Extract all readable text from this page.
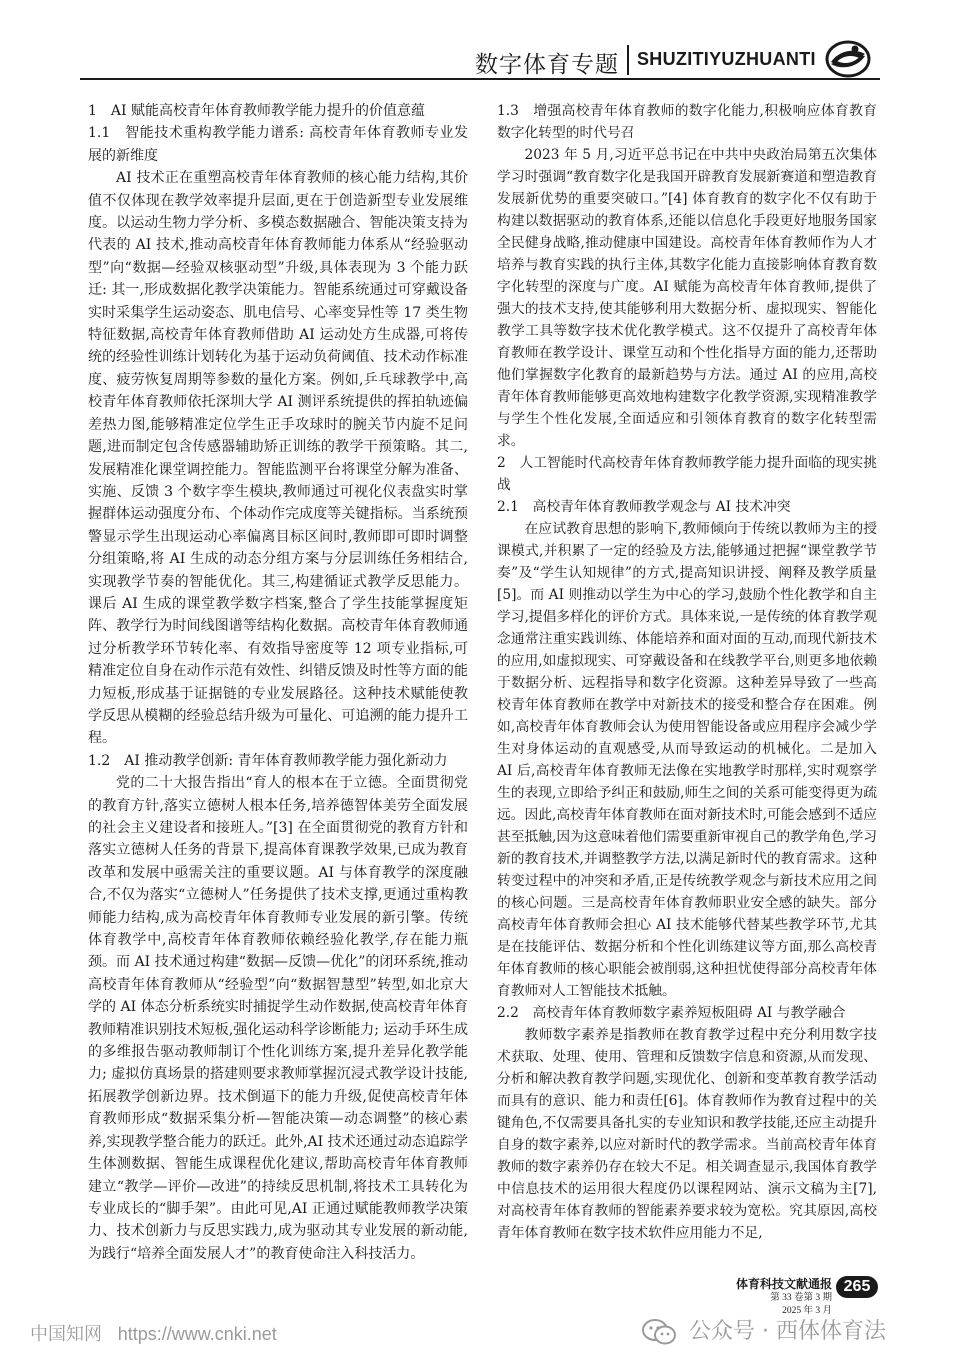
数字体育专题 SHUZITIYUZHUANTI
1　AI 赋能高校青年体育教师教学能力提升的价值意蕴
1.1　智能技术重构教学能力谱系: 高校青年体育教师专业发展的新维度

AI 技术正在重塑高校青年体育教师的核心能力结构,其价值不仅体现在教学效率提升层面,更在于创造新型专业发展维度。以运动生物力学分析、多模态数据融合、智能决策支持为代表的 AI 技术,推动高校青年体育教师能力体系从“经验驱动型”向“数据—经验双核驱动型”升级,具体表现为 3 个能力跃迁: 其一,形成数据化教学决策能力。智能系统通过可穿戴设备实时采集学生运动姿态、肌电信号、心率变异性等 17 类生物特征数据,高校青年体育教师借助 AI 运动处方生成器,可将传统的经验性训练计划转化为基于运动负荷阈值、技术动作标准度、疲劳恢复周期等参数的量化方案。例如,乒乓球教学中,高校青年体育教师依托深圳大学 AI 测评系统提供的挥拍轨迹偏差热力图,能够精准定位学生正手攻球时的腕关节内旋不足问题,进而制定包含传感器辅助矫正训练的教学干预策略。其二,发展精准化课堂调控能力。智能监测平台将课堂分解为准备、实施、反馈 3 个数字孪生模块,教师通过可视化仪表盘实时掌握群体运动强度分布、个体动作完成度等关键指标。当系统预警显示学生出现运动心率偏离目标区间时,教师即可即时调整分组策略,将 AI 生成的动态分组方案与分层训练任务相结合,实现教学节奏的智能优化。其三,构建循证式教学反思能力。课后 AI 生成的课堂教学数字档案,整合了学生技能掌握度矩阵、教学行为时间线图谱等结构化数据。高校青年体育教师通过分析教学环节转化率、有效指导密度等 12 项专业指标,可精准定位自身在动作示范有效性、纠错反馈及时性等方面的能力短板,形成基于证据链的专业发展路径。这种技术赋能使教学反思从模糊的经验总结升级为可量化、可追溯的能力提升工程。

1.2　AI 推动教学创新: 青年体育教师教学能力强化新动力

党的二十大报告指出“育人的根本在于立德。全面贯彻党的教育方针,落实立德树人根本任务,培养德智体美劳全面发展的社会主义建设者和接班人。”[3] 在全面贯彻党的教育方针和落实立德树人任务的背景下,提高体育课教学效果,已成为教育改革和发展中亟需关注的重要议题。AI 与体育教学的深度融合,不仅为落实“立德树人”任务提供了技术支撑,更通过重构教师能力结构,成为高校青年体育教师专业发展的新引擎。传统体育教学中,高校青年体育教师依赖经验化教学,存在能力瓶颈。而 AI 技术通过构建“数据—反馈—优化”的闭环系统,推动高校青年体育教师从“经验型”向“数据智慧型”转型,如北京大学的 AI 体态分析系统实时捕捉学生动作数据,使高校青年体育教师精准识别技术短板,强化运动科学诊断能力; 运动手环生成的多维报告驱动教师制订个性化训练方案,提升差异化教学能力; 虚拟仿真场景的搭建则要求教师掌握沉浸式教学设计技能,拓展教学创新边界。技术倒逼下的能力升级,促使高校青年体育教师形成“数据采集分析—智能决策—动态调整”的核心素养,实现教学整合能力的跃迁。此外,AI 技术还通过动态追踪学生体测数据、智能生成课程优化建议,帮助高校青年体育教师建立“教学—评价—改进”的持续反思机制,将技术工具转化为专业成长的“脚手架”。由此可见,AI 正通过赋能教师教学决策力、技术创新力与反思实践力,成为驱动其专业发展的新动能,为践行“培养全面发展人才”的教育使命注入科技活力。

1.3　增强高校青年体育教师的数字化能力,积极响应体育教育数字化转型的时代号召

2023 年 5 月,习近平总书记在中共中央政治局第五次集体学习时强调“教育数字化是我国开辟教育发展新赛道和塑造教育发展新优势的重要突破口。”[4] 体育教育的数字化不仅有助于构建以数据驱动的教育体系,还能以信息化手段更好地服务国家全民健身战略,推动健康中国建设。高校青年体育教师作为人才培养与教育实践的执行主体,其数字化能力直接影响体育教育数字化转型的深度与广度。AI 赋能为高校青年体育教师,提供了强大的技术支持,使其能够利用大数据分析、虚拟现实、智能化教学工具等数字技术优化教学模式。这不仅提升了高校青年体育教师在教学设计、课堂互动和个性化指导方面的能力,还帮助他们掌握数字化教育的最新趋势与方法。通过 AI 的应用,高校青年体育教师能够更高效地构建数字化教学资源,实现精准教学与学生个性化发展,全面适应和引领体育教育的数字化转型需求。

2　人工智能时代高校青年体育教师教学能力提升面临的现实挑战
2.1　高校青年体育教师教学观念与 AI 技术冲突

在应试教育思想的影响下,教师倾向于传统以教师为主的授课模式,并积累了一定的经验及方法,能够通过把握“课堂教学节奏”及“学生认知规律”的方式,提高知识讲授、阐释及教学质量[5]。而 AI 则推动以学生为中心的学习,鼓励个性化教学和自主学习,提倡多样化的评价方式。具体来说,一是传统的体育教学观念通常注重实践训练、体能培养和面对面的互动,而现代新技术的应用,如虚拟现实、可穿戴设备和在线教学平台,则更多地依赖于数据分析、远程指导和数字化资源。这种差异导致了一些高校青年体育教师在教学中对新技术的接受和整合存在困难。例如,高校青年体育教师会认为使用智能设备或应用程序会减少学生对身体运动的直观感受,从而导致运动的机械化。二是加入 AI 后,高校青年体育教师无法像在实地教学时那样,实时观察学生的表现,立即给予纠正和鼓励,师生之间的关系可能变得更为疏远。因此,高校青年体育教师在面对新技术时,可能会感到不适应甚至抵触,因为这意味着他们需要重新审视自己的教学角色,学习新的教育技术,并调整教学方法,以满足新时代的教育需求。这种转变过程中的冲突和矛盾,正是传统教学观念与新技术应用之间的核心问题。三是高校青年体育教师职业安全感的缺失。部分高校青年体育教师会担心 AI 技术能够代替某些教学环节,尤其是在技能评估、数据分析和个性化训练建议等方面,那么高校青年体育教师的核心职能会被削弱,这种担忧使得部分高校青年体育教师对人工智能技术抵触。

2.2　高校青年体育教师数字素养短板阻碍 AI 与教学融合

教师数字素养是指教师在教育教学过程中充分利用数字技术获取、处理、使用、管理和反馈数字信息和资源,从而发现、分析和解决教育教学问题,实现优化、创新和变革教育教学活动而具有的意识、能力和责任[6]。体育教师作为教育过程中的关键角色,不仅需要具备扎实的专业知识和教学技能,还应主动提升自身的数字素养,以应对新时代的教学需求。当前高校青年体育教师的数字素养仍存在较大不足。相关调查显示,我国体育教学中信息技术的运用很大程度仍以课程网站、演示文稿为主[7],对高校青年体育教师的智能素养要求较为宽松。究其原因,高校青年体育教师在数字技术软件应用能力不足,

体育科技文献通报
第 33 卷第 3 期
2025 年 3 月
265
中国知网 https://www.cnki.net	公众号 · 西体体育法
